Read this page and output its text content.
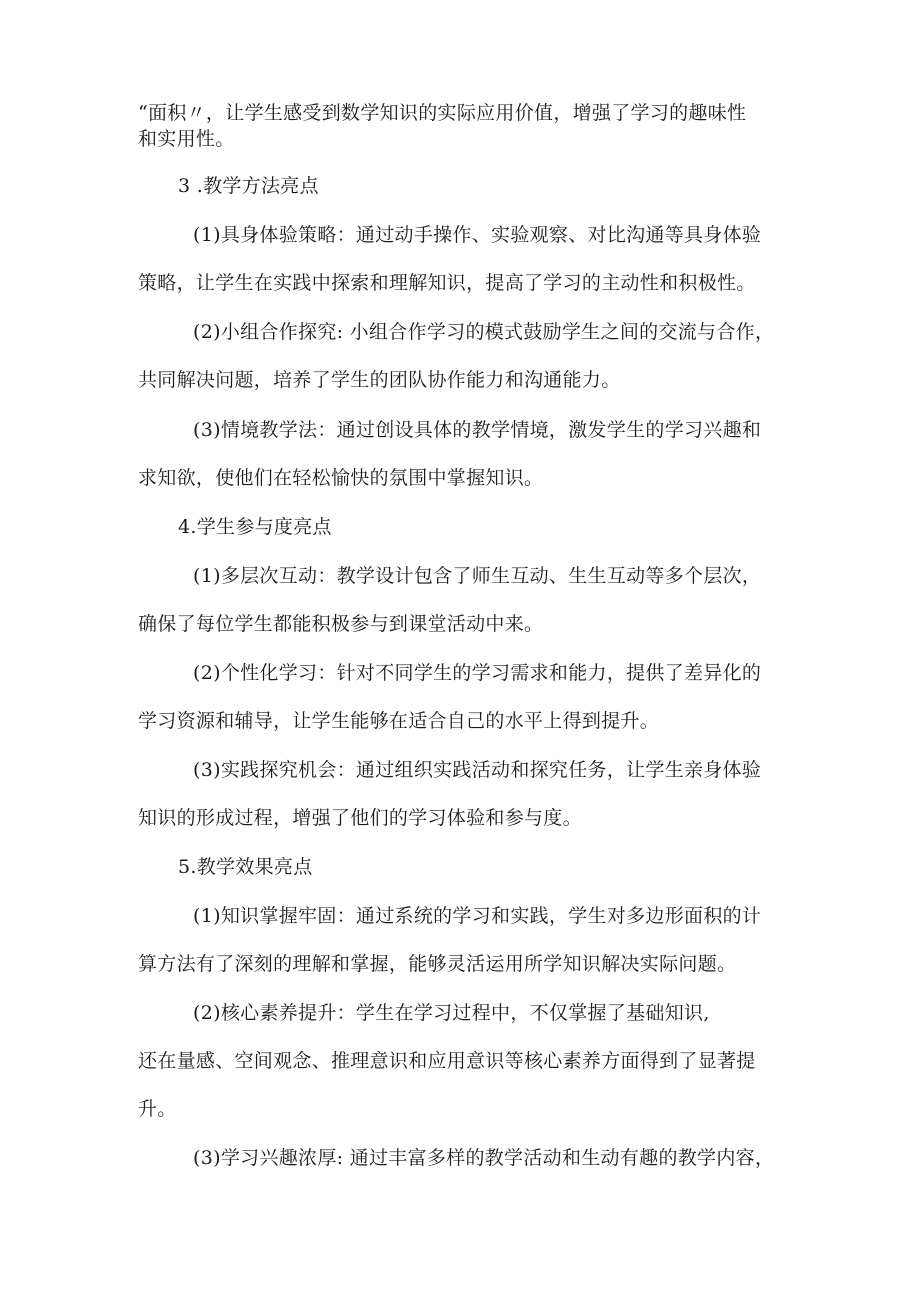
“面积〃，让学生感受到数学知识的实际应用价值，增强了学习的趣味性
和实用性。
3 .教学方法亮点
(1)具身体验策略：通过动手操作、实验观察、对比沟通等具身体验
策略，让学生在实践中探索和理解知识，提高了学习的主动性和积极性。
(2)小组合作探究: 小组合作学习的模式鼓励学生之间的交流与合作，
共同解决问题，培养了学生的团队协作能力和沟通能力。
(3)情境教学法：通过创设具体的教学情境，激发学生的学习兴趣和
求知欲，使他们在轻松愉快的氛围中掌握知识。
4.学生参与度亮点
(1)多层次互动：教学设计包含了师生互动、生生互动等多个层次，
确保了每位学生都能积极参与到课堂活动中来。
(2)个性化学习：针对不同学生的学习需求和能力，提供了差异化的
学习资源和辅导，让学生能够在适合自己的水平上得到提升。
(3)实践探究机会：通过组织实践活动和探究任务，让学生亲身体验
知识的形成过程，增强了他们的学习体验和参与度。
5.教学效果亮点
(1)知识掌握牢固：通过系统的学习和实践，学生对多边形面积的计
算方法有了深刻的理解和掌握，能够灵活运用所学知识解决实际问题。
(2)核心素养提升：学生在学习过程中，不仅掌握了基础知识,
还在量感、空间观念、推理意识和应用意识等核心素养方面得到了显著提
升。
(3)学习兴趣浓厚: 通过丰富多样的教学活动和生动有趣的教学内容，
